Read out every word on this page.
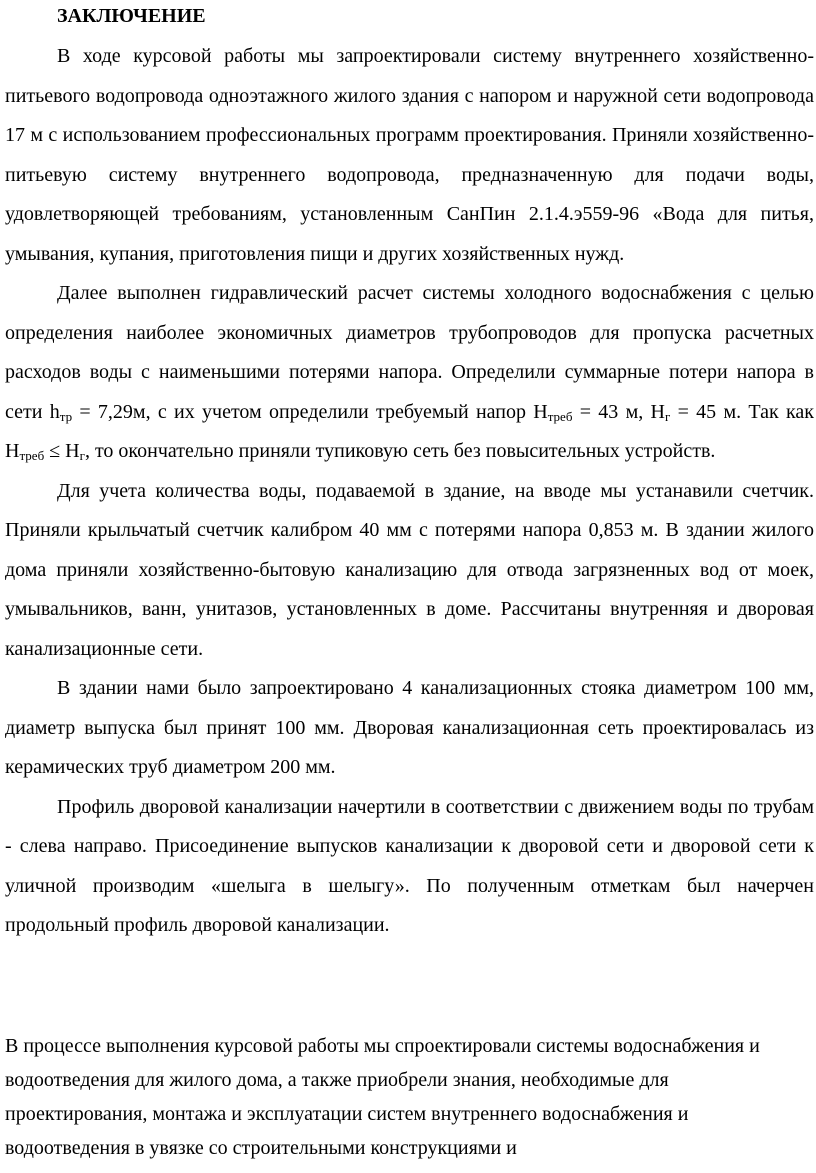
ЗАКЛЮЧЕНИЕ

В ходе курсовой работы мы запроектировали систему внутреннего хозяйственно-питьевого водопровода одноэтажного жилого здания с напором и наружной сети водопровода 17 м с использованием профессиональных программ проектирования. Приняли хозяйственно-питьевую систему внутреннего водопровода, предназначенную для подачи воды, удовлетворяющей требованиям, установленным СанПин 2.1.4.э559-96 «Вода для питья, умывания, купания, приготовления пищи и других хозяйственных нужд.

Далее выполнен гидравлический расчет системы холодного водоснабжения с целью определения наиболее экономичных диаметров трубопроводов для пропуска расчетных расходов воды с наименьшими потерями напора. Определили суммарные потери напора в сети $h_{тр} = 7,29м$, с их учетом определили требуемый напор $Н_{треб} = 43$ м, $Н_г = 45$ м. Так как $Н_{треб} \le Н_г$, то окончательно приняли тупиковую сеть без повысительных устройств.

Для учета количества воды, подаваемой в здание, на вводе мы устанавили счетчик. Приняли крыльчатый счетчик калибром 40 мм с потерями напора 0,853 м. В здании жилого дома приняли хозяйственно-бытовую канализацию для отвода загрязненных вод от моек, умывальников, ванн, унитазов, установленных в доме. Рассчитаны внутренняя и дворовая канализационные сети.

В здании нами было запроектировано 4 канализационных стояка диаметром 100 мм, диаметр выпуска был принят 100 мм. Дворовая канализационная сеть проектировалась из керамических труб диаметром 200 мм.

Профиль дворовой канализации начертили в соответствии с движением воды по трубам - слева направо. Присоединение выпусков канализации к дворовой сети и дворовой сети к уличной производим «шелыга в шелыгу». По полученным отметкам был начерчен продольный профиль дворовой канализации.

В процессе выполнения курсовой работы мы спроектировали системы водоснабжения и водоотведения для жилого дома, а также приобрели знания, необходимые для проектирования, монтажа и эксплуатации систем внутреннего водоснабжения и водоотведения в увязке со строительными конструкциями и
